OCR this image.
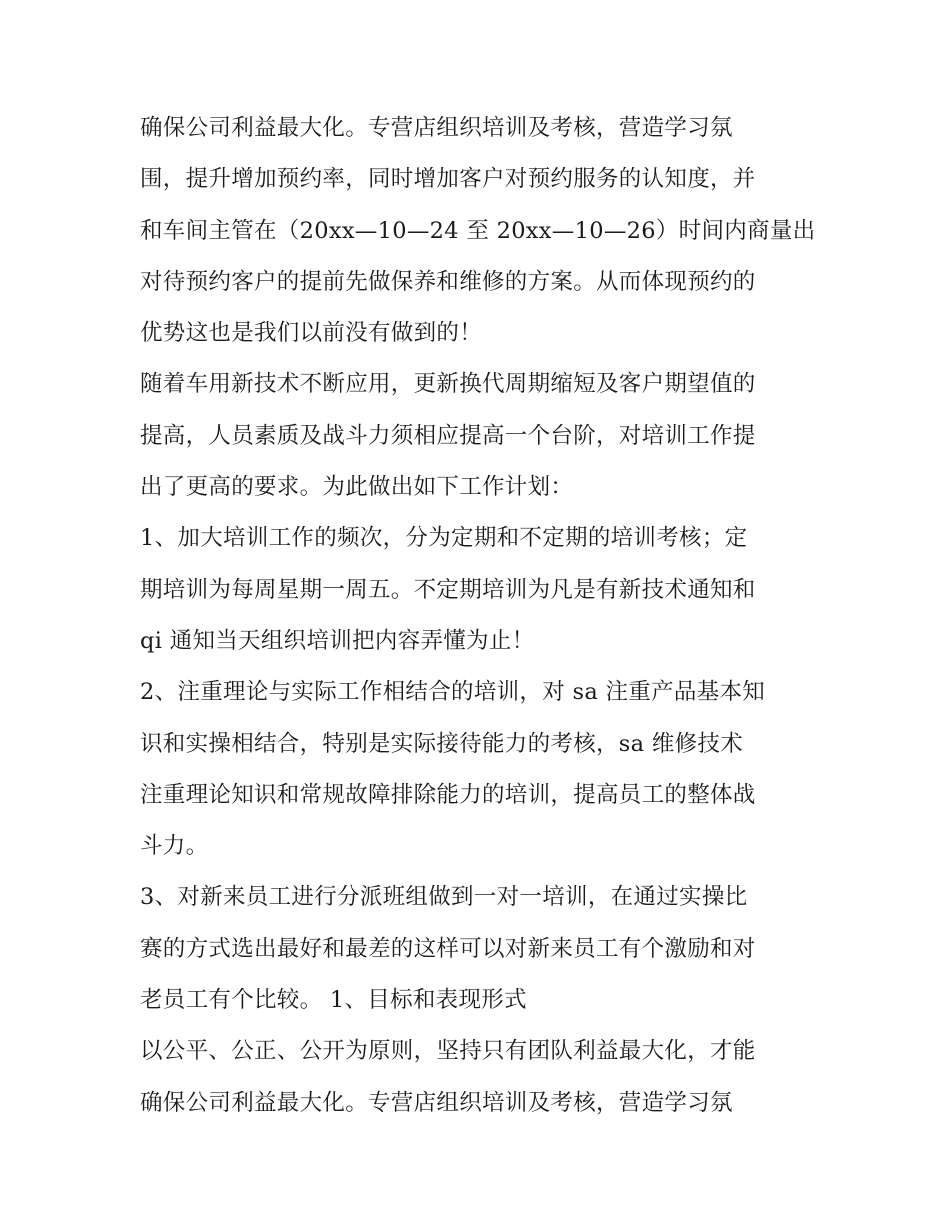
确保公司利益最大化。专营店组织培训及考核，营造学习氛
围，提升增加预约率，同时增加客户对预约服务的认知度，并
和车间主管在（20xx—10—24 至 20xx—10—26）时间内商量出
对待预约客户的提前先做保养和维修的方案。从而体现预约的
优势这也是我们以前没有做到的！
随着车用新技术不断应用，更新换代周期缩短及客户期望值的
提高，人员素质及战斗力须相应提高一个台阶，对培训工作提
出了更高的要求。为此做出如下工作计划：
1、加大培训工作的频次，分为定期和不定期的培训考核；定
期培训为每周星期一周五。不定期培训为凡是有新技术通知和
qi 通知当天组织培训把内容弄懂为止！
2、注重理论与实际工作相结合的培训，对 sa 注重产品基本知
识和实操相结合，特别是实际接待能力的考核，sa 维修技术
注重理论知识和常规故障排除能力的培训，提高员工的整体战
斗力。
3、对新来员工进行分派班组做到一对一培训，在通过实操比
赛的方式选出最好和最差的这样可以对新来员工有个激励和对
老员工有个比较。 1、目标和表现形式
以公平、公正、公开为原则，坚持只有团队利益最大化，才能
确保公司利益最大化。专营店组织培训及考核，营造学习氛
